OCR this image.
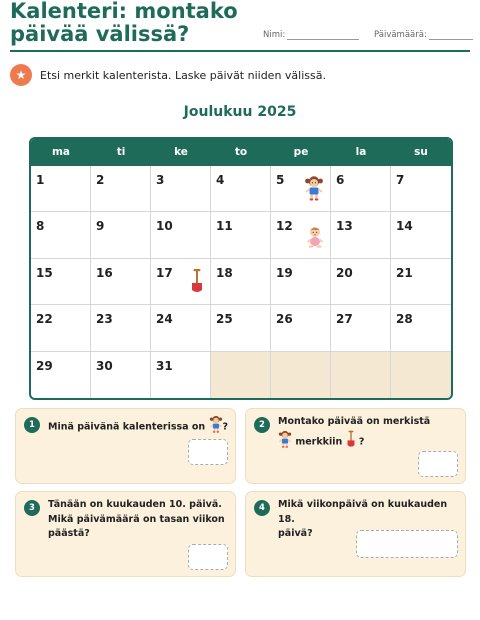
Kalenteri: montako
päivää välissä?	Nimi:	Päivämäärä:
★	Etsi merkit kalenterista. Laske päivät niiden välissä.
Joulukuu 2025
ma	ti	ke	to	pe	la	su
1	2	3	4	5	6	7
8	9	10	11	12	13	14
15	16	17	18	19	20	21
22	23	24	25	26	27	28
29	30	31
1	Minä päivänä kalenterissa on ?	2	Montako päivää on merkistä
merkkiin ?
3	Tänään on kuukauden 10. päivä.
Mikä päivämäärä on tasan viikon
päästä?
4	Mikä viikonpäivä on kuukauden 18.
päivä?
